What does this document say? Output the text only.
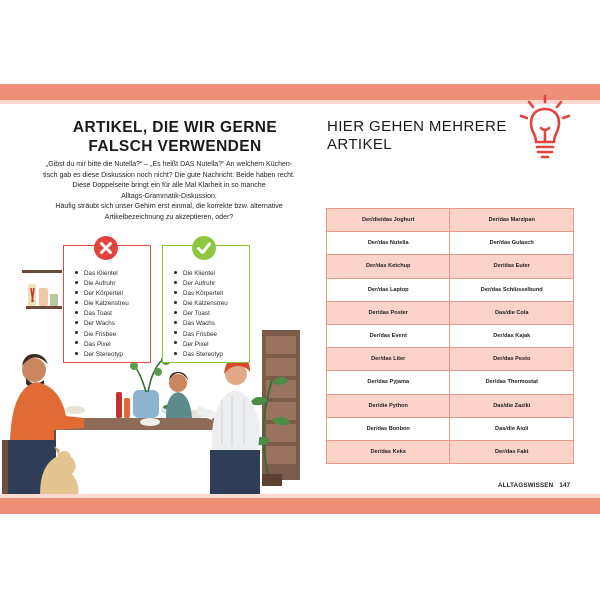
ARTIKEL, DIE WIR GERNE
FALSCH VERWENDEN

„Gibst du mir bitte die Nutella?“ – „Es heißt DAS Nutella?“ An welchem Küchen-

tisch gab es diese Diskussion noch nicht? Die gute Nachricht: Beide haben recht.

Diese Doppelseite bringt ein für alle Mal Klarheit in so manche

Alltags-Grammatik-Diskussion.

Häufig sträubt sich unser Gehirn erst einmal, die korrekte bzw. alternative

Artikelbezeichnung zu akzeptieren, oder?

Das Klientel
Die Aufruhr
Der Körperteil
Die Katzenstreu
Das Toast
Der Wachs
Die Frisbee
Das Pixel
Der Stereotyp
Die Klientel
Der Aufruhr
Das Körperteil
Die Katzenstreu
Der Toast
Das Wachs
Das Frisbee
Der Pixel
Das Stereotyp
HIER GEHEN MEHRERE
ARTIKEL
Der/die/das Joghurt	Der/das Marzipan
Der/das Nutella	Der/das Gulasch
Der/das Ketchup	Der/das Euter
Der/das Laptop	Der/das Schlüsselbund
Der/das Poster	Das/die Cola
Der/das Event	Der/das Kajak
Der/das Liter	Der/das Pesto
Der/das Pyjama	Der/das Thermostat
Der/die Python	Das/die Zaziki
Der/das Bonbon	Das/die Aioli
Der/das Keks	Der/das Fakt
ALLTAGSWISSEN 147
